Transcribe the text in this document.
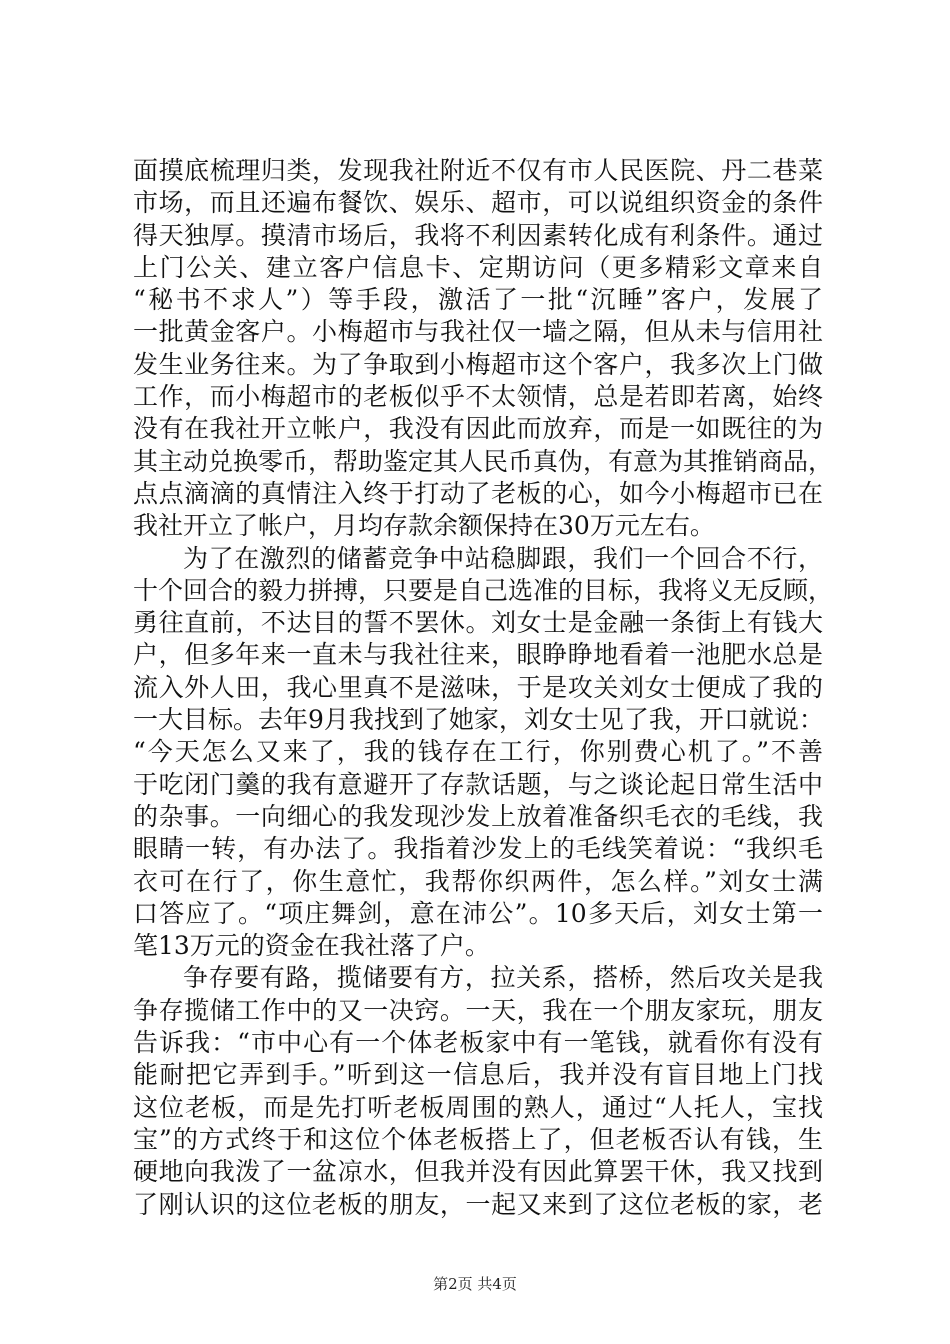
面摸底梳理归类，发现我社附近不仅有市人民医院、丹二巷菜
市场，而且还遍布餐饮、娱乐、超市，可以说组织资金的条件
得天独厚。摸清市场后，我将不利因素转化成有利条件。通过
上门公关、建立客户信息卡、定期访问（更多精彩文章来自
“秘书不求人”）等手段，激活了一批“沉睡”客户，发展了
一批黄金客户。小梅超市与我社仅一墙之隔，但从未与信用社
发生业务往来。为了争取到小梅超市这个客户，我多次上门做
工作，而小梅超市的老板似乎不太领情，总是若即若离，始终
没有在我社开立帐户，我没有因此而放弃，而是一如既往的为
其主动兑换零币，帮助鉴定其人民币真伪，有意为其推销商品，
点点滴滴的真情注入终于打动了老板的心，如今小梅超市已在
我社开立了帐户，月均存款余额保持在30万元左右。
为了在激烈的储蓄竞争中站稳脚跟，我们一个回合不行，
十个回合的毅力拼搏，只要是自己选准的目标，我将义无反顾，
勇往直前，不达目的誓不罢休。刘女士是金融一条街上有钱大
户，但多年来一直未与我社往来，眼睁睁地看着一池肥水总是
流入外人田，我心里真不是滋味，于是攻关刘女士便成了我的
一大目标。去年9月我找到了她家，刘女士见了我，开口就说：
“今天怎么又来了，我的钱存在工行，你别费心机了。”不善
于吃闭门羹的我有意避开了存款话题，与之谈论起日常生活中
的杂事。一向细心的我发现沙发上放着准备织毛衣的毛线，我
眼睛一转，有办法了。我指着沙发上的毛线笑着说：“我织毛
衣可在行了，你生意忙，我帮你织两件，怎么样。”刘女士满
口答应了。“项庄舞剑，意在沛公”。10多天后，刘女士第一
笔13万元的资金在我社落了户。
争存要有路，揽储要有方，拉关系，搭桥，然后攻关是我
争存揽储工作中的又一决窍。一天，我在一个朋友家玩，朋友
告诉我：“市中心有一个体老板家中有一笔钱，就看你有没有
能耐把它弄到手。”听到这一信息后，我并没有盲目地上门找
这位老板，而是先打听老板周围的熟人，通过“人托人，宝找
宝”的方式终于和这位个体老板搭上了，但老板否认有钱，生
硬地向我泼了一盆凉水，但我并没有因此算罢干休，我又找到
了刚认识的这位老板的朋友，一起又来到了这位老板的家，老
第2页 共4页
